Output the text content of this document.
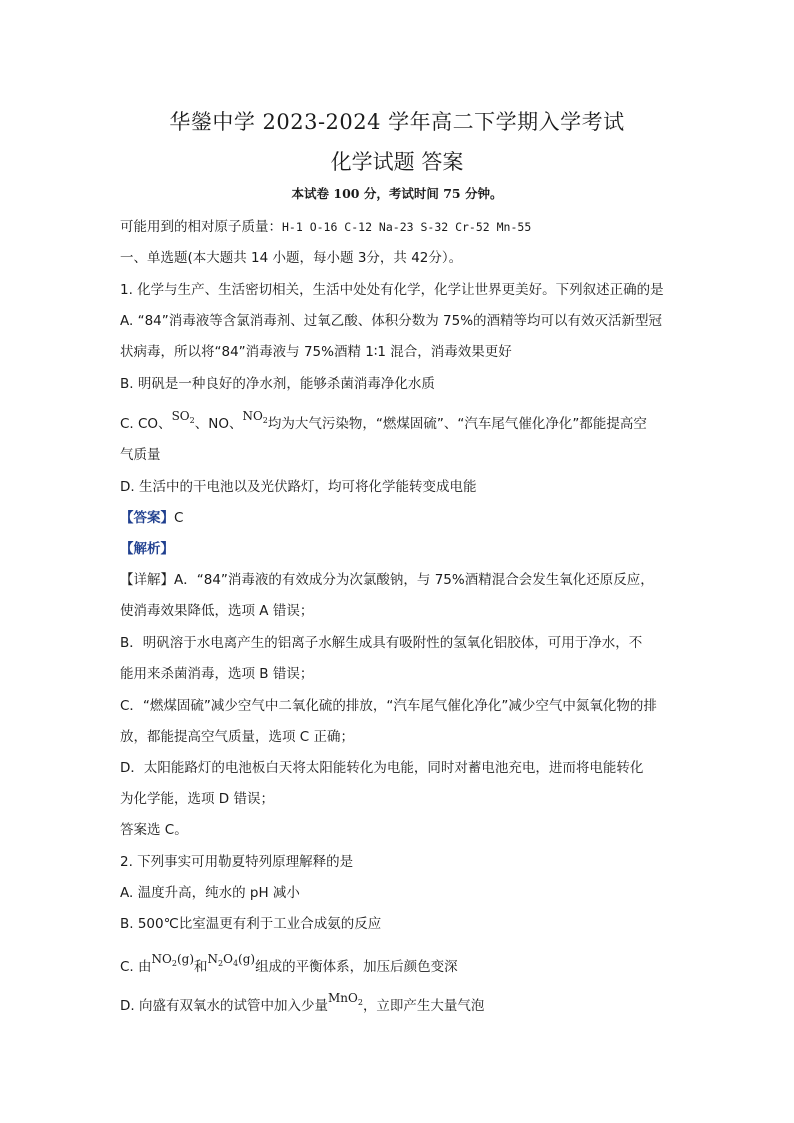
华鎣中学 2023-2024 学年高二下学期入学考试
化学试题 答案
本试卷 100 分，考试时间 75 分钟。
可能用到的相对原子质量：H-1 O-16 C-12 Na-23 S-32 Cr-52 Mn-55
一、单选题(本大题共 14 小题，每小题 3分，共 42分）。
1. 化学与生产、生活密切相关，生活中处处有化学，化学让世界更美好。下列叙述正确的是
A. “84”消毒液等含氯消毒剂、过氧乙酸、体积分数为 75%的酒精等均可以有效灭活新型冠
状病毒，所以将“84”消毒液与 75%酒精 1∶1 混合，消毒效果更好
B. 明矾是一种良好的净水剂，能够杀菌消毒净化水质
C. CO、$SO_2$、NO、$NO_2$均为大气污染物，“燃煤固硫”、“汽车尾气催化净化”都能提高空
气质量
D. 生活中的干电池以及光伏路灯，均可将化学能转变成电能
【答案】C
【解析】
【详解】A．“84”消毒液的有效成分为次氯酸钠，与 75%酒精混合会发生氧化还原反应，
使消毒效果降低，选项 A 错误；
B．明矾溶于水电离产生的铝离子水解生成具有吸附性的氢氧化铝胶体，可用于净水，不
能用来杀菌消毒，选项 B 错误；
C．“燃煤固硫”减少空气中二氧化硫的排放，“汽车尾气催化净化”减少空气中氮氧化物的排
放，都能提高空气质量，选项 C 正确；
D．太阳能路灯的电池板白天将太阳能转化为电能，同时对蓄电池充电，进而将电能转化
为化学能，选项 D 错误；
答案选 C。
2. 下列事实可用勒夏特列原理解释的是
A. 温度升高，纯水的 pH 减小
B. 500℃比室温更有利于工业合成氨的反应
C. 由$NO_2(g)$和$N_2O_4(g)$组成的平衡体系，加压后颜色变深
D. 向盛有双氧水的试管中加入少量MnO$_2$，立即产生大量气泡
